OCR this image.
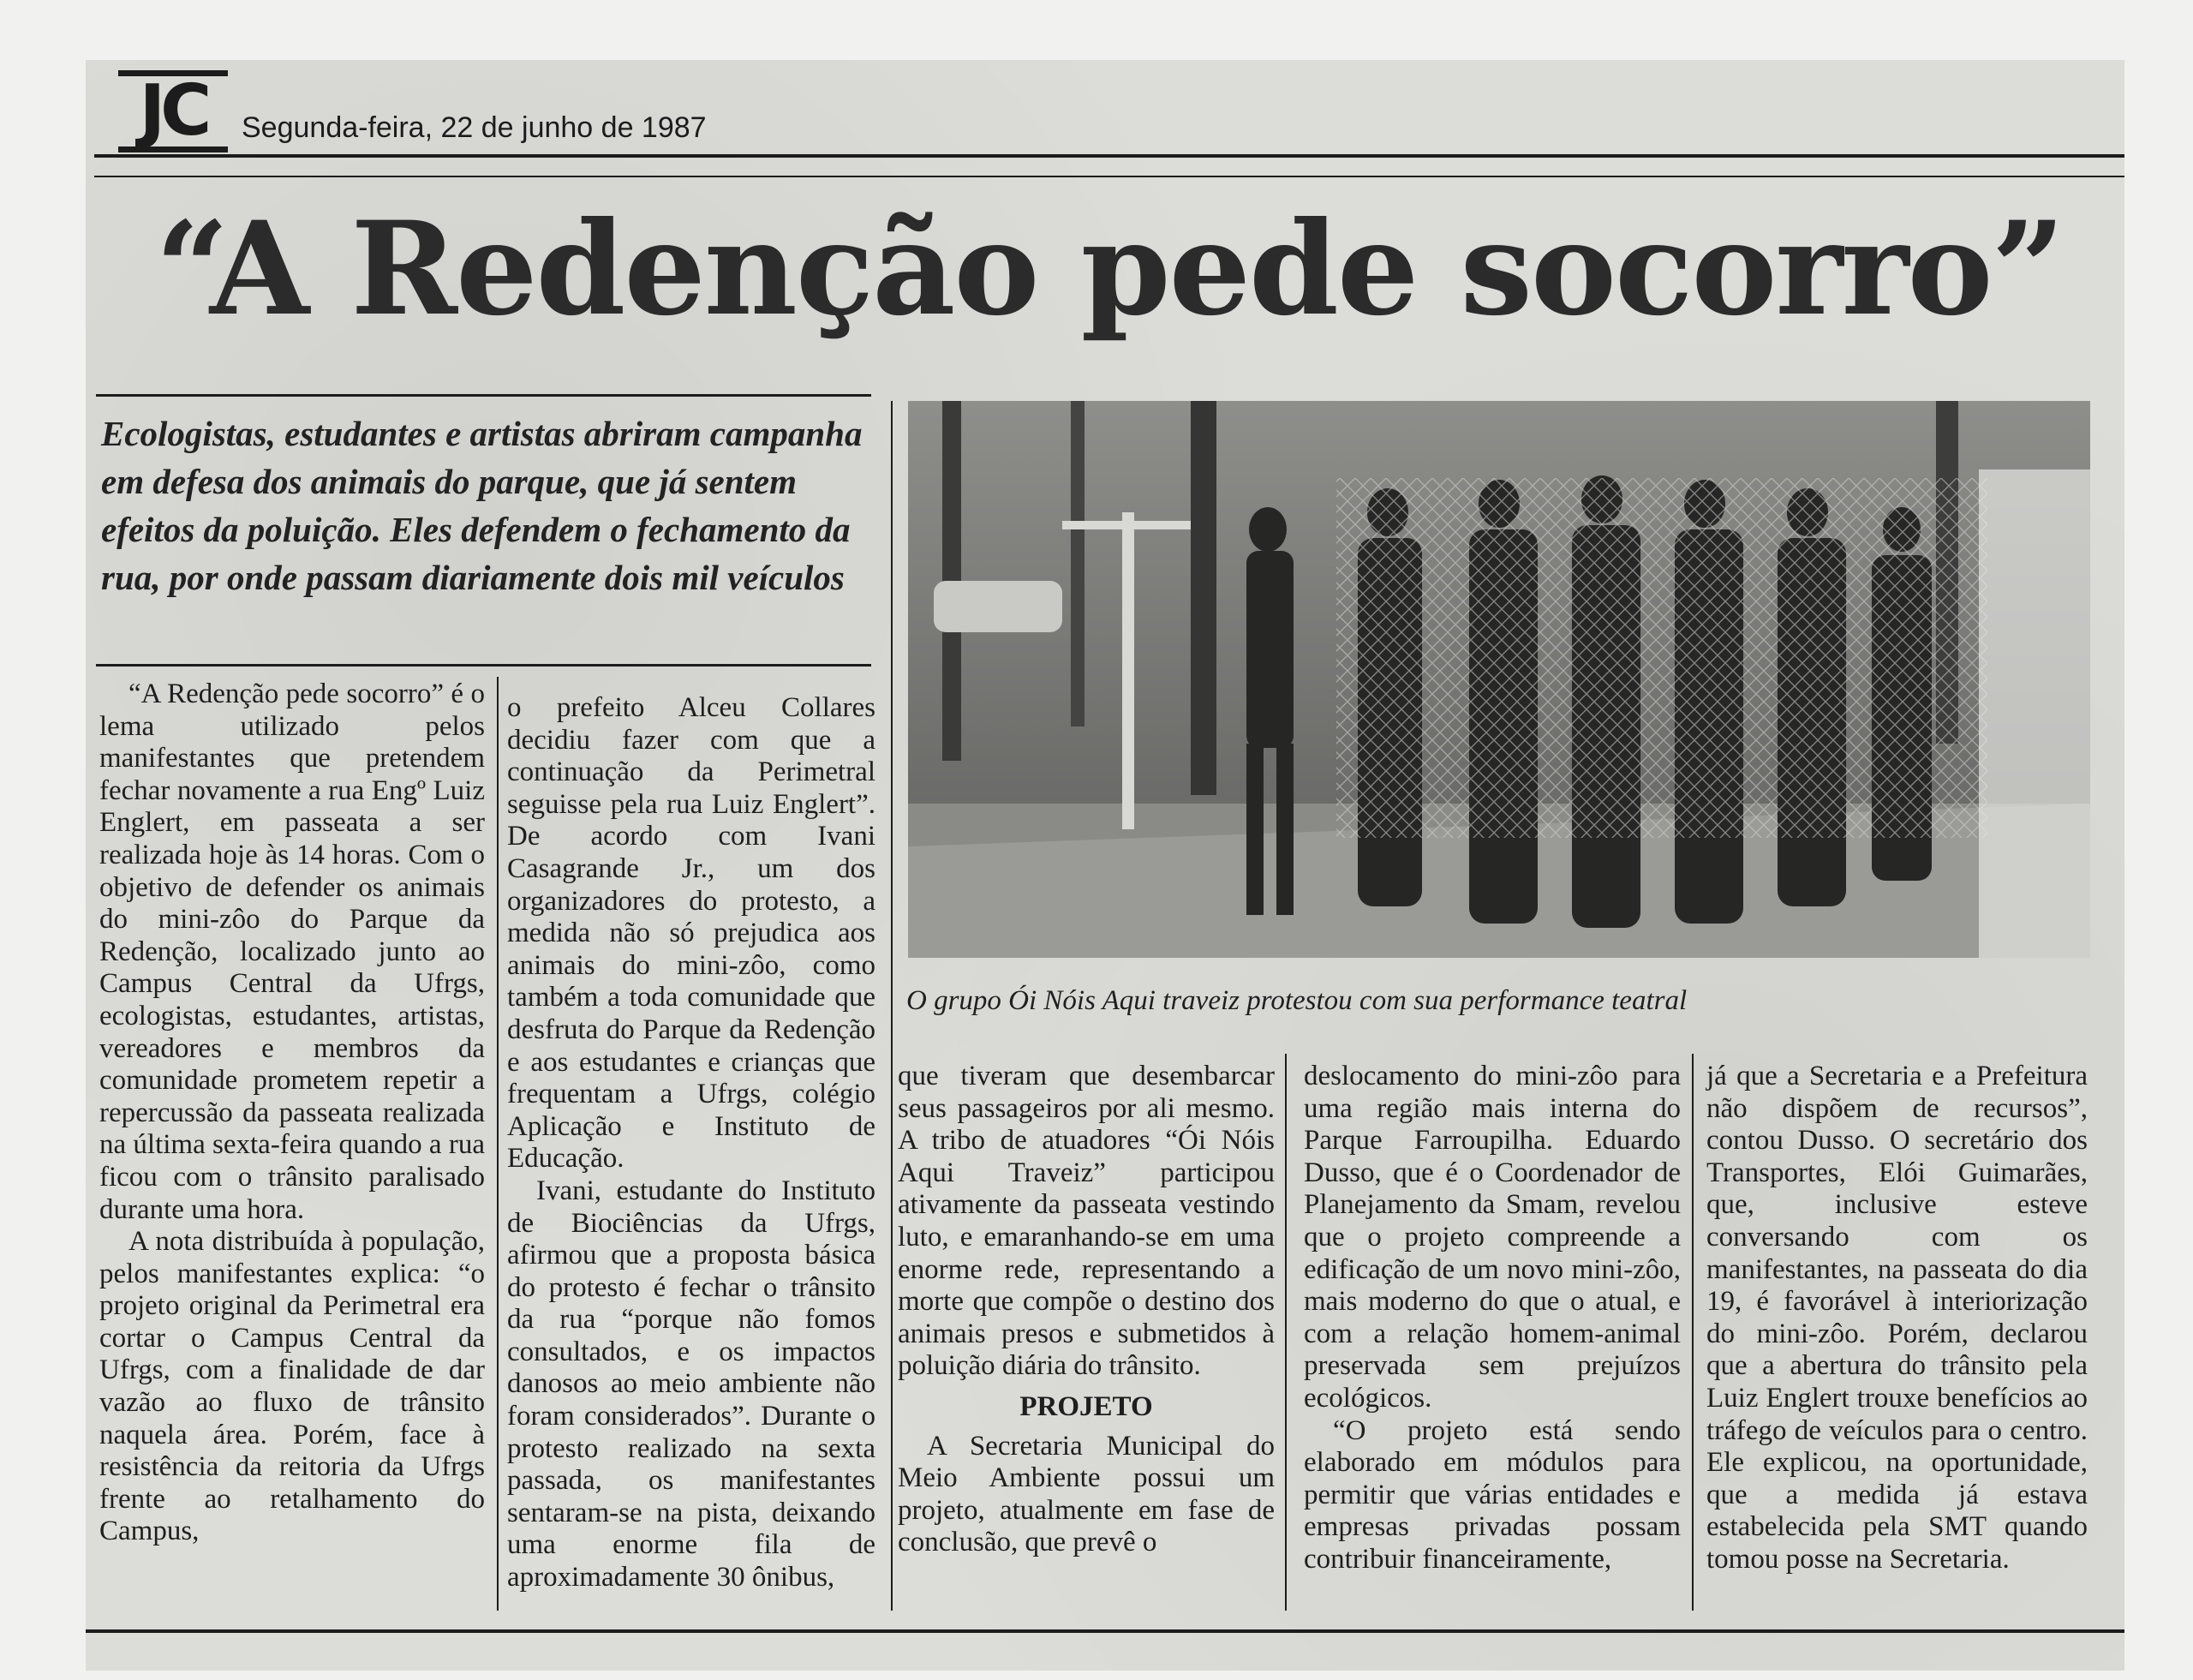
JC	Segunda-feira, 22 de junho de 1987
“A Redenção pede socorro”
Ecologistas, estudantes e artistas abriram campanha em defesa dos animais do parque, que já sentem efeitos da poluição. Eles defendem o fechamento da rua, por onde passam diariamente dois mil veículos
O grupo Ói Nóis Aqui traveiz protestou com sua performance teatral

“A Redenção pede socorro” é o lema utilizado pelos manifestantes que pretendem fechar novamente a rua Engº Luiz Englert, em passeata a ser realizada hoje às 14 horas. Com o objetivo de defender os animais do mini-zôo do Parque da Redenção, localizado junto ao Campus Central da Ufrgs, ecologistas, estudantes, artistas, vereadores e membros da comunidade prometem repetir a repercussão da passeata realizada na última sexta-feira quando a rua ficou com o trânsito paralisado durante uma hora.

A nota distribuída à população, pelos manifestantes explica: “o projeto original da Perimetral era cortar o Campus Central da Ufrgs, com a finalidade de dar vazão ao fluxo de trânsito naquela área. Porém, face à resistência da reitoria da Ufrgs frente ao retalhamento do Campus,

o prefeito Alceu Collares decidiu fazer com que a continuação da Perimetral seguisse pela rua Luiz Englert”. De acordo com Ivani Casagrande Jr., um dos organizadores do protesto, a medida não só prejudica aos animais do mini-zôo, como também a toda comunidade que desfruta do Parque da Redenção e aos estudantes e crianças que frequentam a Ufrgs, colégio Aplicação e Instituto de Educação.

Ivani, estudante do Instituto de Biociências da Ufrgs, afirmou que a proposta básica do protesto é fechar o trânsito da rua “porque não fomos consultados, e os impactos danosos ao meio ambiente não foram considerados”. Durante o protesto realizado na sexta passada, os manifestantes sentaram-se na pista, deixando uma enorme fila de aproximadamente 30 ônibus,

que tiveram que desembarcar seus passageiros por ali mesmo. A tribo de atuadores “Ói Nóis Aqui Traveiz” participou ativamente da passeata vestindo luto, e emaranhando-se em uma enorme rede, representando a morte que compõe o destino dos animais presos e submetidos à poluição diária do trânsito.

PROJETO

A Secretaria Municipal do Meio Ambiente possui um projeto, atualmente em fase de conclusão, que prevê o

deslocamento do mini-zôo para uma região mais interna do Parque Farroupilha. Eduardo Dusso, que é o Coordenador de Planejamento da Smam, revelou que o projeto compreende a edificação de um novo mini-zôo, mais moderno do que o atual, e com a relação homem-animal preservada sem prejuízos ecológicos.

“O projeto está sendo elaborado em módulos para permitir que várias entidades e empresas privadas possam contribuir financeiramente,

já que a Secretaria e a Prefeitura não dispõem de recursos”, contou Dusso. O secretário dos Transportes, Elói Guimarães, que, inclusive esteve conversando com os manifestantes, na passeata do dia 19, é favorável à interiorização do mini-zôo. Porém, declarou que a abertura do trânsito pela Luiz Englert trouxe benefícios ao tráfego de veículos para o centro. Ele explicou, na oportunidade, que a medida já estava estabelecida pela SMT quando tomou posse na Secretaria.
